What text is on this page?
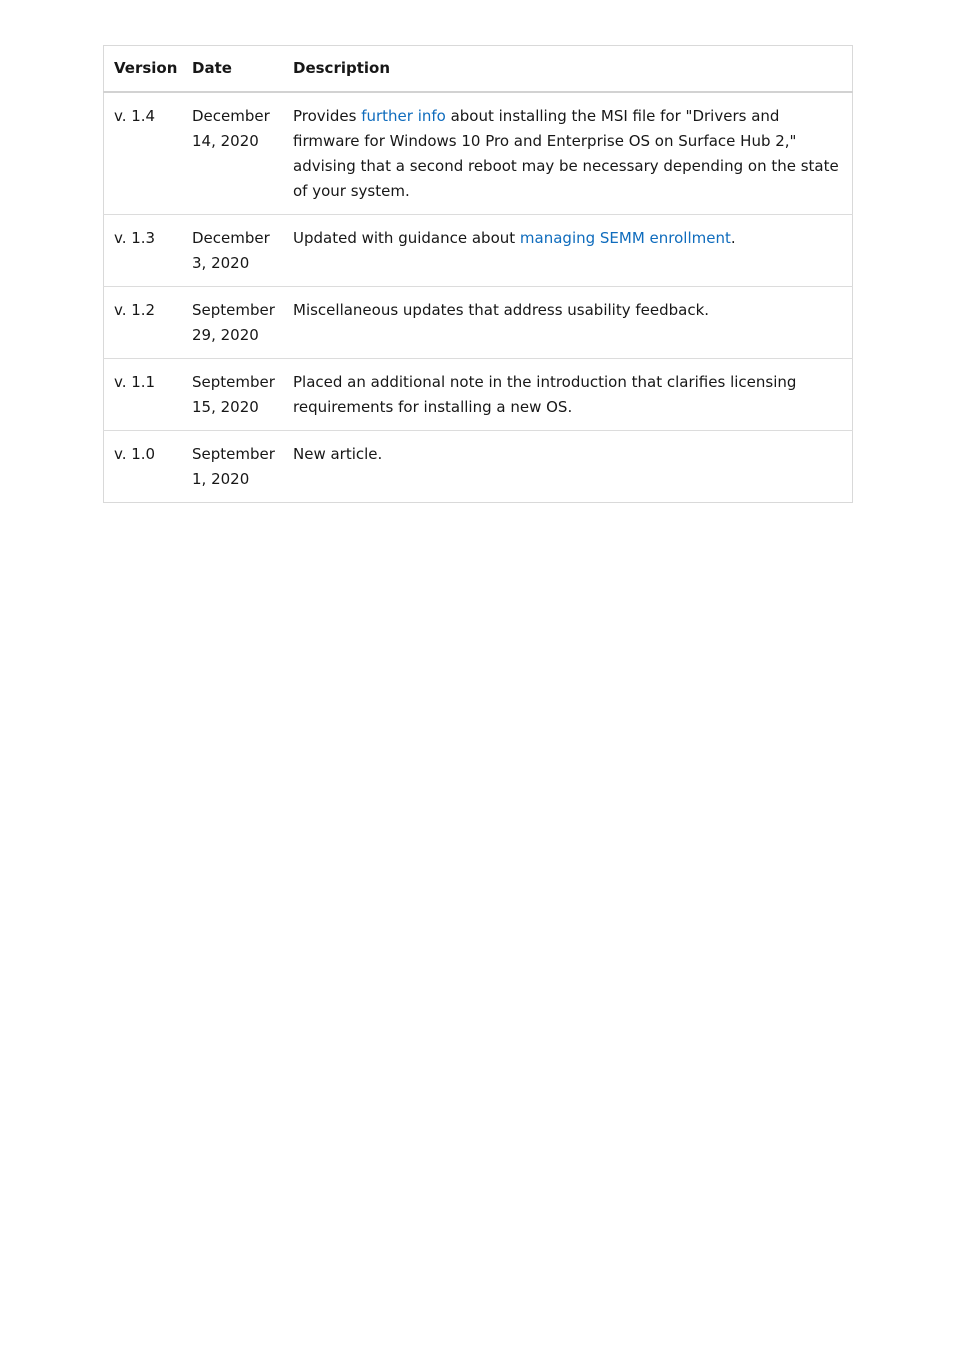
Version	Date	Description
v. 1.4	December 14, 2020	Provides further info about installing the MSI file for "Drivers and firmware for Windows 10 Pro and Enterprise OS on Surface Hub 2," advising that a second reboot may be necessary depending on the state of your system.
v. 1.3	December 3, 2020	Updated with guidance about managing SEMM enrollment.
v. 1.2	September 29, 2020	Miscellaneous updates that address usability feedback.
v. 1.1	September 15, 2020	Placed an additional note in the introduction that clarifies licensing requirements for installing a new OS.
v. 1.0	September 1, 2020	New article.
